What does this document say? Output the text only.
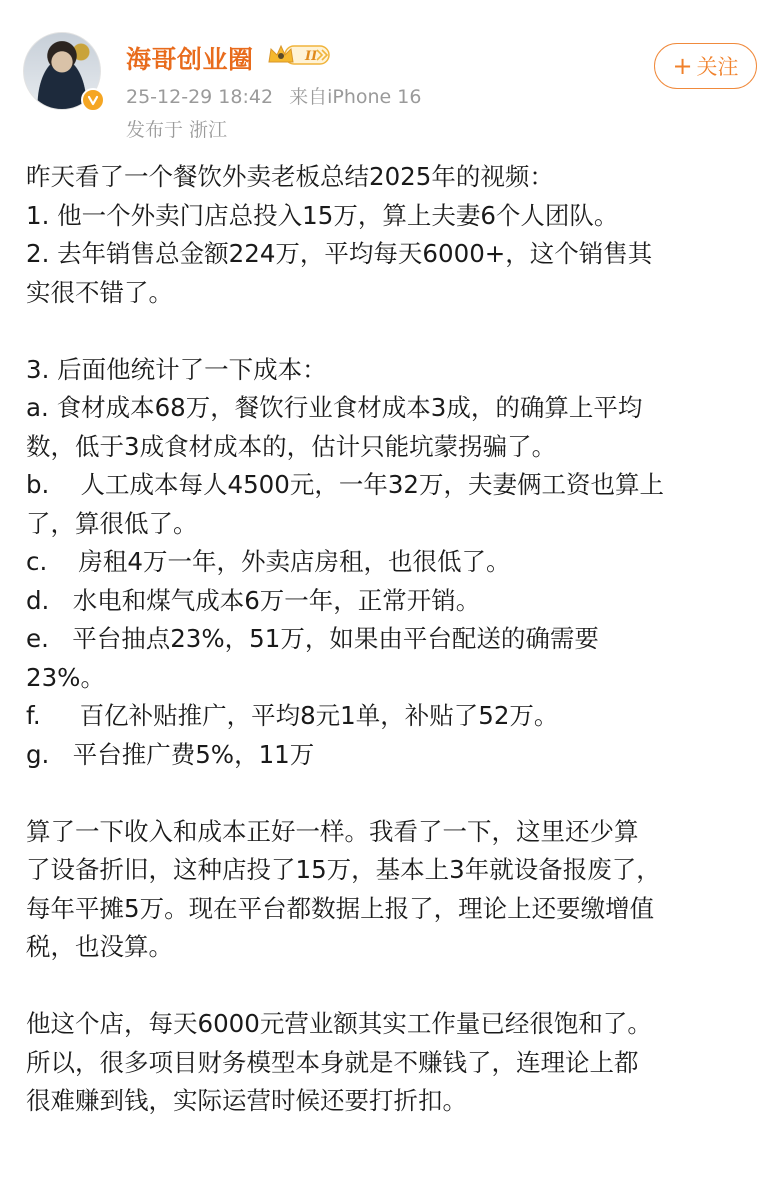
海哥创业圈	II
25-12-29 18:42 来自iPhone 16
发布于 浙江
+ 关注

昨天看了一个餐饮外卖老板总结2025年的视频：

1. 他一个外卖门店总投入15万，算上夫妻6个人团队。

2. 去年销售总金额224万，平均每天6000+，这个销售其

实很不错了。

3. 后面他统计了一下成本：

a. 食材成本68万，餐饮行业食材成本3成，的确算上平均

数，低于3成食材成本的，估计只能坑蒙拐骗了。

b.    人工成本每人4500元，一年32万，夫妻俩工资也算上

了，算很低了。

c.    房租4万一年，外卖店房租，也很低了。

d.   水电和煤气成本6万一年，正常开销。

e.   平台抽点23%，51万，如果由平台配送的确需要

23%。

f.     百亿补贴推广，平均8元1单，补贴了52万。

g.   平台推广费5%，11万

算了一下收入和成本正好一样。我看了一下，这里还少算

了设备折旧，这种店投了15万，基本上3年就设备报废了，

每年平摊5万。现在平台都数据上报了，理论上还要缴增值

税，也没算。

他这个店，每天6000元营业额其实工作量已经很饱和了。

所以，很多项目财务模型本身就是不赚钱了，连理论上都

很难赚到钱，实际运营时候还要打折扣。
